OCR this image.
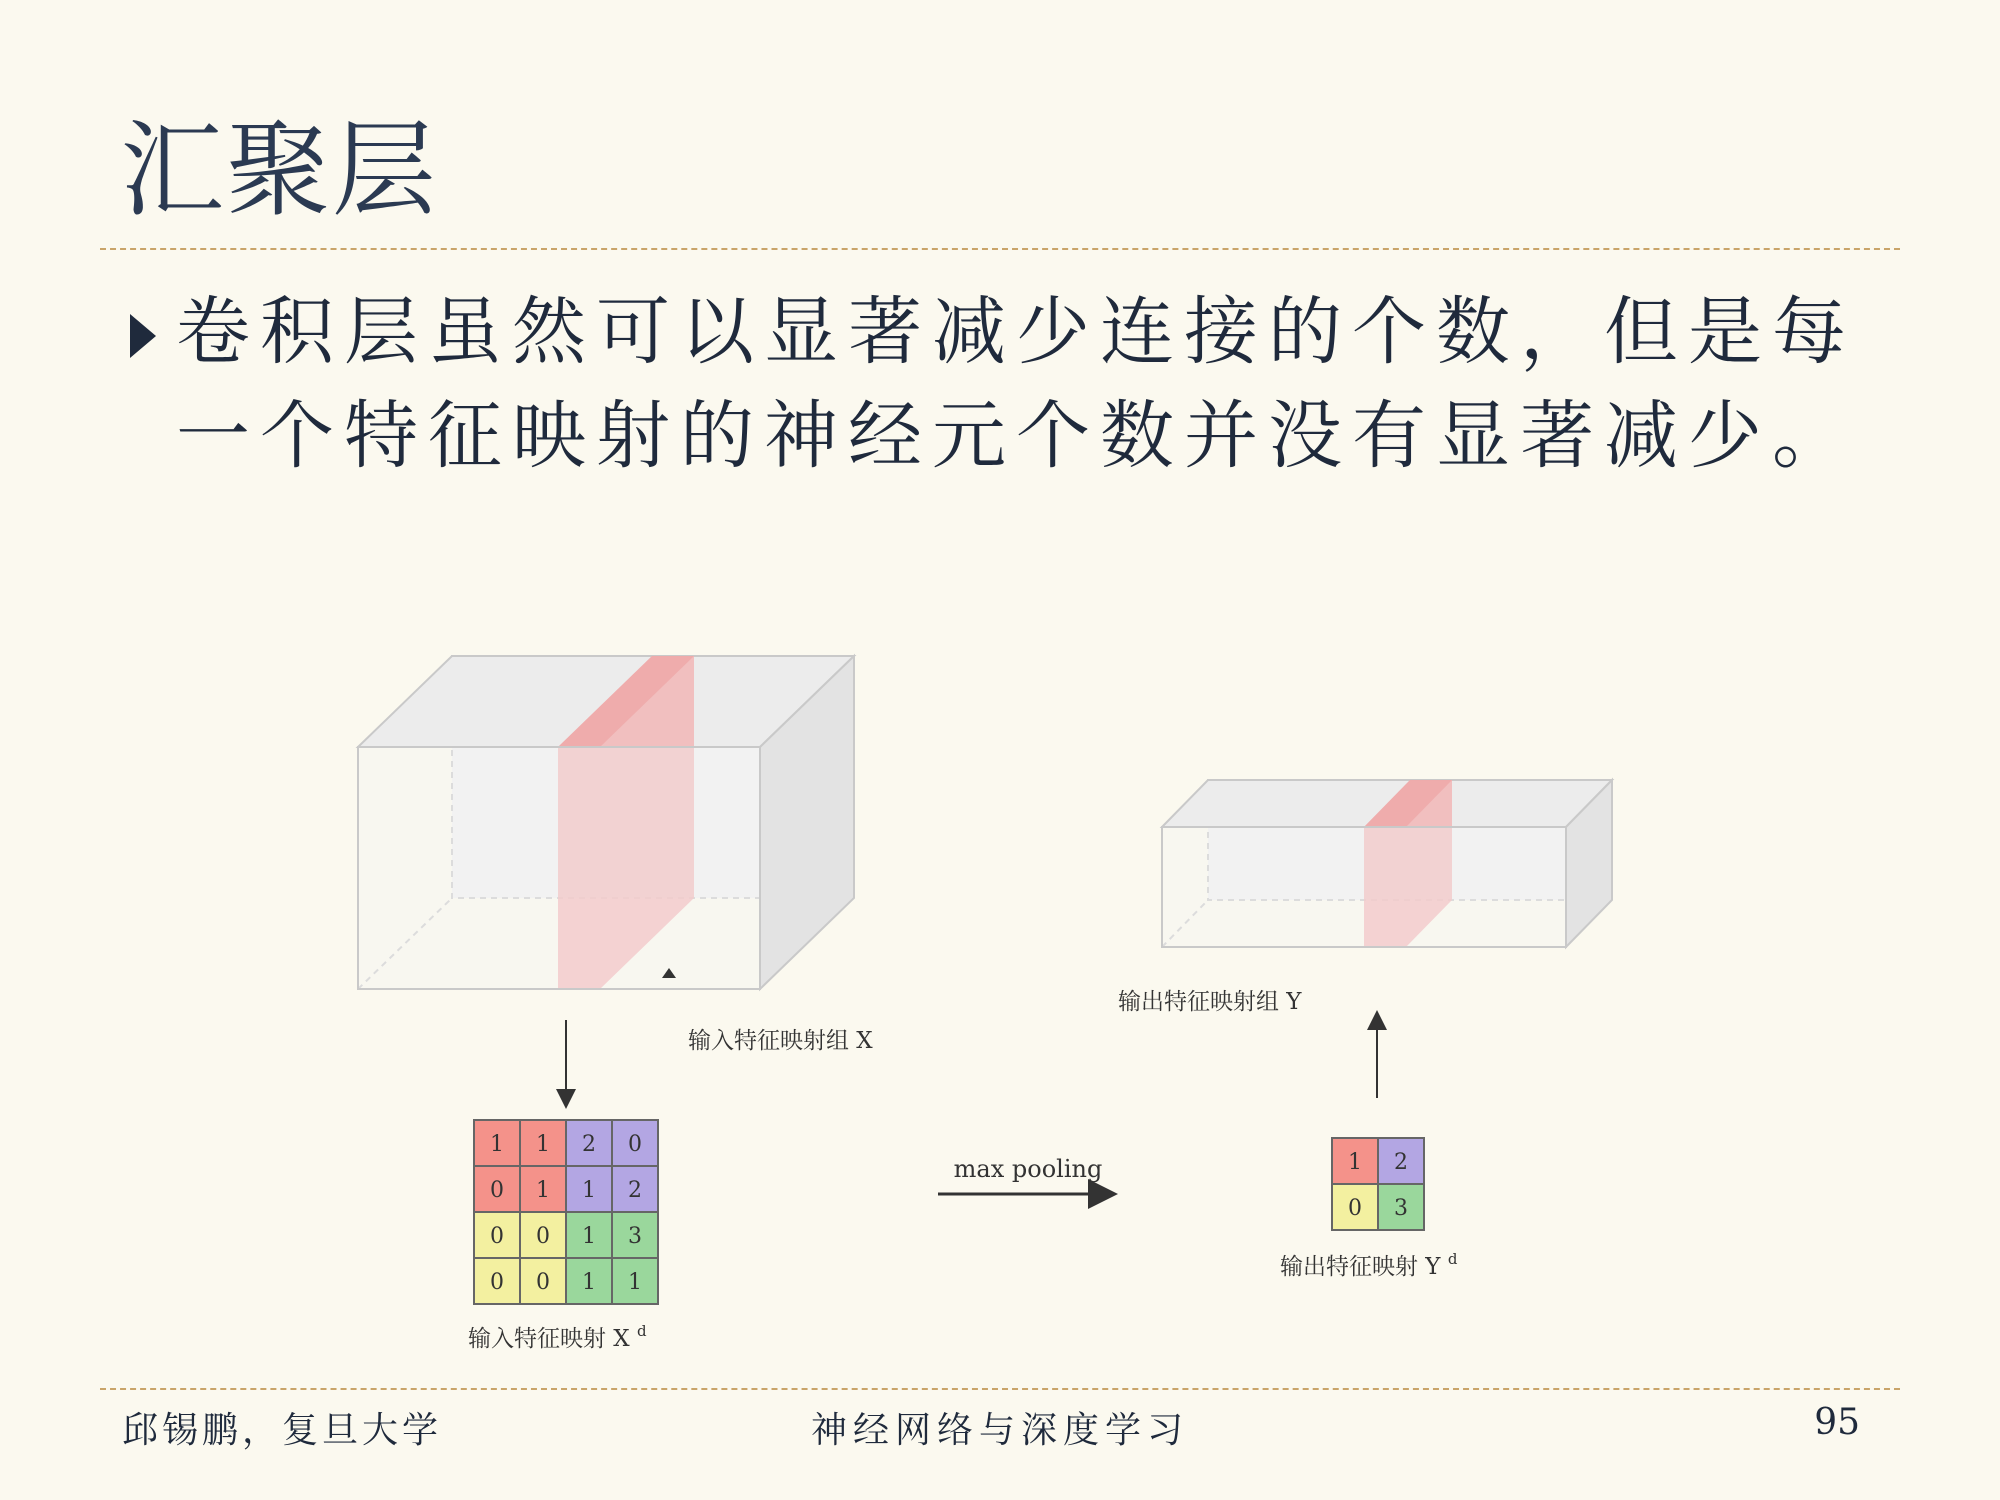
汇聚层
卷积层虽然可以显著减少连接的个数，但是每一个特征映射的神经元个数并没有显著减少。
输入特征映射组 X
输出特征映射组 Y
max pooling
1 1 2 0
0 1 1 2
0 0 1 3
0 0 1 1
输入特征映射 X $^d$
1 2
0 3
输出特征映射 Y $^d$
邱锡鹏，复旦大学	神经网络与深度学习	95
